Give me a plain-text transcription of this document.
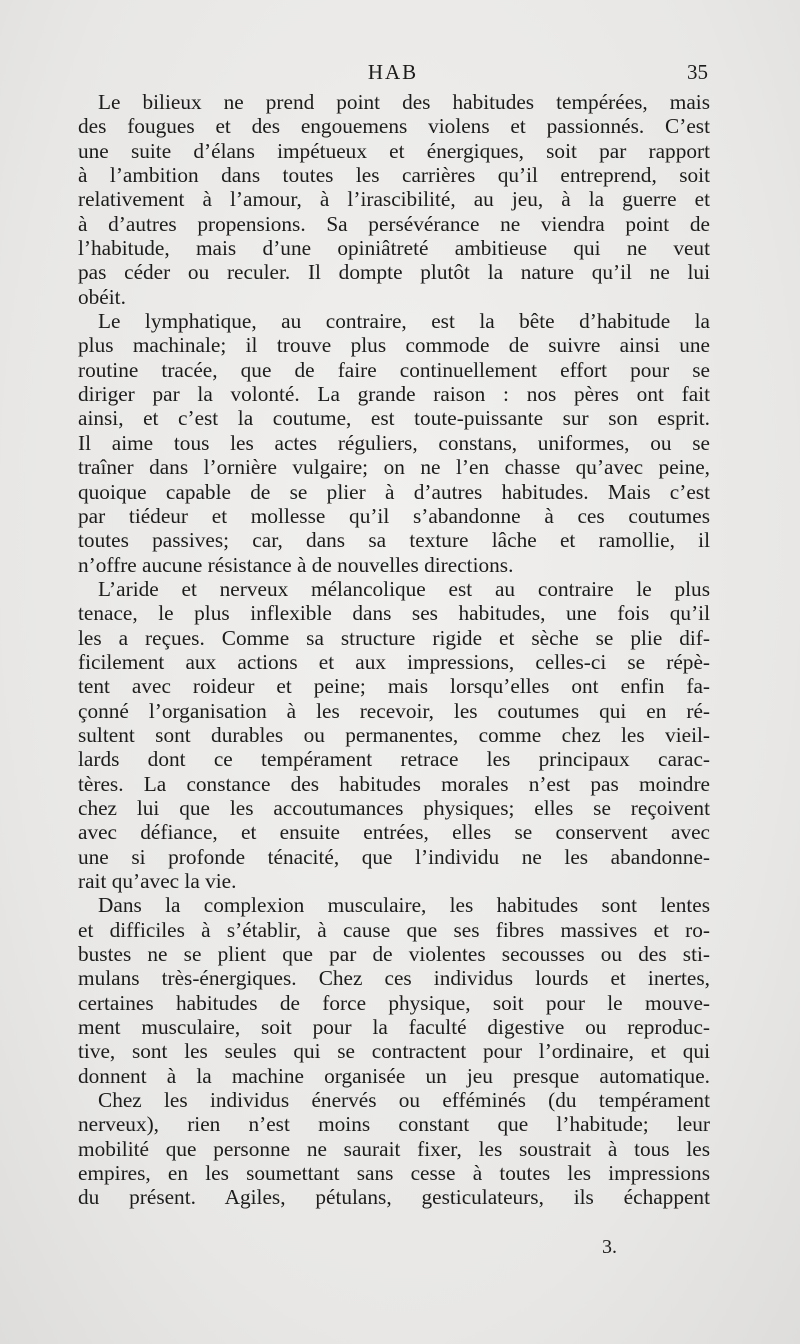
HAB	35
Le bilieux ne prend point des habitudes tempérées, mais
des fougues et des engouemens violens et passionnés. C’est
une suite d’élans impétueux et énergiques, soit par rapport
à l’ambition dans toutes les carrières qu’il entreprend, soit
relativement à l’amour, à l’irascibilité, au jeu, à la guerre et
à d’autres propensions. Sa persévérance ne viendra point de
l’habitude, mais d’une opiniâtreté ambitieuse qui ne veut
pas céder ou reculer. Il dompte plutôt la nature qu’il ne lui
obéit.
Le lymphatique, au contraire, est la bête d’habitude la
plus machinale; il trouve plus commode de suivre ainsi une
routine tracée, que de faire continuellement effort pour se
diriger par la volonté. La grande raison : nos pères ont fait
ainsi, et c’est la coutume, est toute-puissante sur son esprit.
Il aime tous les actes réguliers, constans, uniformes, ou se
traîner dans l’ornière vulgaire; on ne l’en chasse qu’avec peine,
quoique capable de se plier à d’autres habitudes. Mais c’est
par tiédeur et mollesse qu’il s’abandonne à ces coutumes
toutes passives; car, dans sa texture lâche et ramollie, il
n’offre aucune résistance à de nouvelles directions.
L’aride et nerveux mélancolique est au contraire le plus
tenace, le plus inflexible dans ses habitudes, une fois qu’il
les a reçues. Comme sa structure rigide et sèche se plie dif-
ficilement aux actions et aux impressions, celles-ci se répè-
tent avec roideur et peine; mais lorsqu’elles ont enfin fa-
çonné l’organisation à les recevoir, les coutumes qui en ré-
sultent sont durables ou permanentes, comme chez les vieil-
lards dont ce tempérament retrace les principaux carac-
tères. La constance des habitudes morales n’est pas moindre
chez lui que les accoutumances physiques; elles se reçoivent
avec défiance, et ensuite entrées, elles se conservent avec
une si profonde ténacité, que l’individu ne les abandonne-
rait qu’avec la vie.
Dans la complexion musculaire, les habitudes sont lentes
et difficiles à s’établir, à cause que ses fibres massives et ro-
bustes ne se plient que par de violentes secousses ou des sti-
mulans très-énergiques. Chez ces individus lourds et inertes,
certaines habitudes de force physique, soit pour le mouve-
ment musculaire, soit pour la faculté digestive ou reproduc-
tive, sont les seules qui se contractent pour l’ordinaire, et qui
donnent à la machine organisée un jeu presque automatique.
Chez les individus énervés ou efféminés (du tempérament
nerveux), rien n’est moins constant que l’habitude; leur
mobilité que personne ne saurait fixer, les soustrait à tous les
empires, en les soumettant sans cesse à toutes les impressions
du présent. Agiles, pétulans, gesticulateurs, ils échappent
3.
